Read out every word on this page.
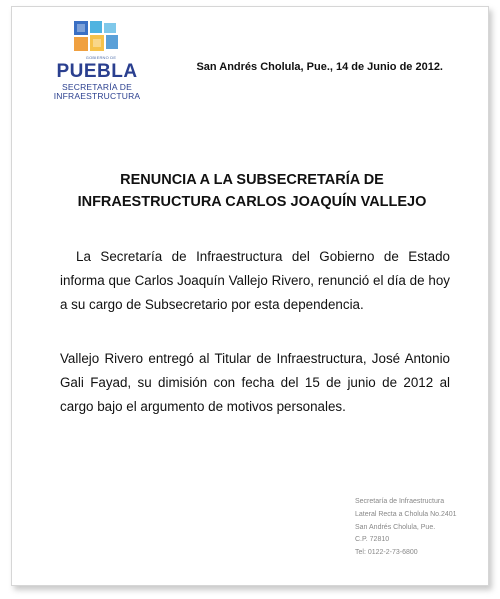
GOBIERNO DE
PUEBLA
SECRETARÍA DE
INFRAESTRUCTURA
San Andrés Cholula, Pue., 14 de Junio de 2012.
RENUNCIA A LA SUBSECRETARÍA DE
INFRAESTRUCTURA CARLOS JOAQUÍN VALLEJO
La Secretaría de Infraestructura del Gobierno de Estado informa que Carlos Joaquín Vallejo Rivero, renunció el día de hoy a su cargo de Subsecretario por esta dependencia.
Vallejo Rivero entregó al Titular de Infraestructura, José Antonio Gali Fayad, su dimisión con fecha del 15 de junio de 2012 al cargo bajo el argumento de motivos personales.
Secretaría de Infraestructura
Lateral Recta a Cholula No.2401
San Andrés Cholula, Pue.
C.P. 72810
Tel: 0122-2-73-6800
